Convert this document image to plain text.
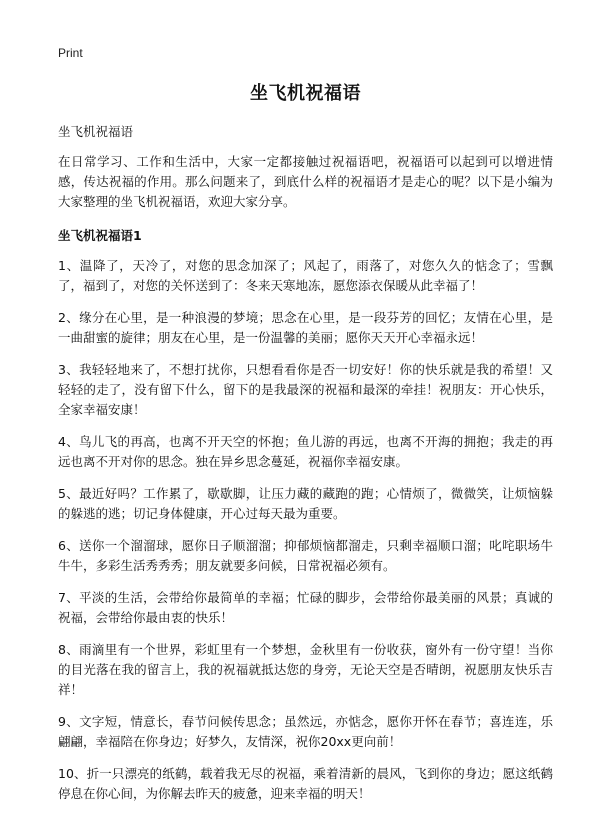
Print
坐飞机祝福语
坐飞机祝福语

在日常学习、工作和生活中，大家一定都接触过祝福语吧，祝福语可以起到可以增进情感，传达祝福的作用。那么问题来了，到底什么样的祝福语才是走心的呢？以下是小编为大家整理的坐飞机祝福语，欢迎大家分享。

坐飞机祝福语1

1、温降了，天冷了，对您的思念加深了；风起了，雨落了，对您久久的惦念了；雪飘了，福到了，对您的关怀送到了：冬来天寒地冻，愿您添衣保暖从此幸福了！

2、缘分在心里，是一种浪漫的梦境；思念在心里，是一段芬芳的回忆；友情在心里，是一曲甜蜜的旋律；朋友在心里，是一份温馨的美丽；愿你天天开心幸福永远！

3、我轻轻地来了，不想打扰你，只想看看你是否一切安好！你的快乐就是我的希望！又轻轻的走了，没有留下什么，留下的是我最深的祝福和最深的牵挂！祝朋友：开心快乐，全家幸福安康！

4、鸟儿飞的再高，也离不开天空的怀抱；鱼儿游的再远，也离不开海的拥抱；我走的再远也离不开对你的思念。独在异乡思念蔓延，祝福你幸福安康。

5、最近好吗？工作累了，歇歇脚，让压力藏的藏跑的跑；心情烦了，微微笑，让烦恼躲的躲逃的逃；切记身体健康，开心过每天最为重要。

6、送你一个溜溜球，愿你日子顺溜溜；抑郁烦恼都溜走，只剩幸福顺口溜；叱咤职场牛牛牛，多彩生活秀秀秀；朋友就要多问候，日常祝福必须有。

7、平淡的生活，会带给你最简单的幸福；忙碌的脚步，会带给你最美丽的风景；真诚的祝福，会带给你最由衷的快乐！

8、雨滴里有一个世界，彩虹里有一个梦想，金秋里有一份收获，窗外有一份守望！当你的目光落在我的留言上，我的祝福就抵达您的身旁，无论天空是否晴朗，祝愿朋友快乐吉祥！

9、文字短，情意长，春节问候传思念；虽然远，亦惦念，愿你开怀在春节；喜连连，乐翩翩，幸福陪在你身边；好梦久，友情深，祝你20xx更向前！

10、折一只漂亮的纸鹤，载着我无尽的祝福，乘着清新的晨风，飞到你的身边；愿这纸鹤停息在你心间，为你解去昨天的疲惫，迎来幸福的明天！
